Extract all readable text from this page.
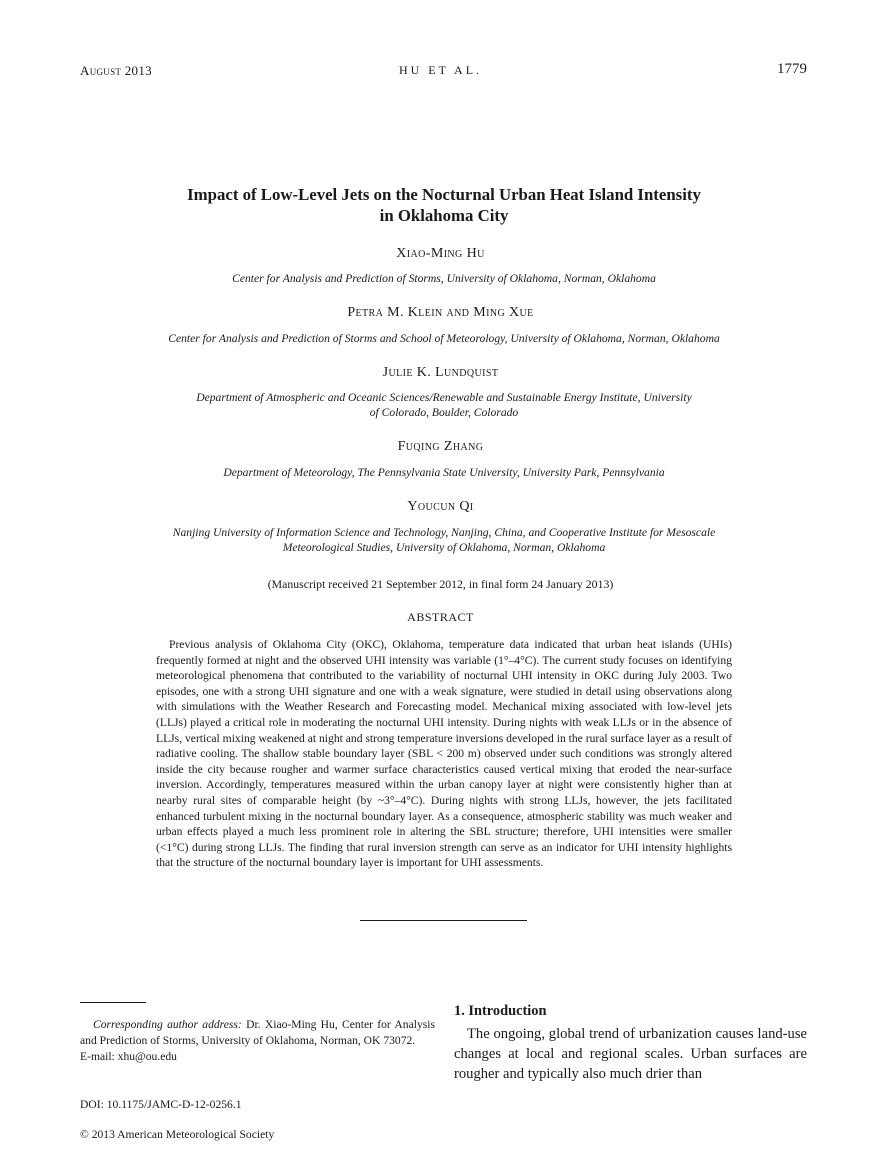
August 2013	HU ET AL.	1779
Impact of Low-Level Jets on the Nocturnal Urban Heat Island Intensity
in Oklahoma City
Xiao-Ming Hu
Center for Analysis and Prediction of Storms, University of Oklahoma, Norman, Oklahoma
Petra M. Klein and Ming Xue
Center for Analysis and Prediction of Storms and School of Meteorology, University of Oklahoma, Norman, Oklahoma
Julie K. Lundquist
Department of Atmospheric and Oceanic Sciences/Renewable and Sustainable Energy Institute, University
of Colorado, Boulder, Colorado
Fuqing Zhang
Department of Meteorology, The Pennsylvania State University, University Park, Pennsylvania
Youcun Qi
Nanjing University of Information Science and Technology, Nanjing, China, and Cooperative Institute for Mesoscale
Meteorological Studies, University of Oklahoma, Norman, Oklahoma
(Manuscript received 21 September 2012, in final form 24 January 2013)
ABSTRACT

Previous analysis of Oklahoma City (OKC), Oklahoma, temperature data indicated that urban heat islands (UHIs) frequently formed at night and the observed UHI intensity was variable (1°–4°C). The current study focuses on identifying meteorological phenomena that contributed to the variability of nocturnal UHI intensity in OKC during July 2003. Two episodes, one with a strong UHI signature and one with a weak signature, were studied in detail using observations along with simulations with the Weather Research and Forecasting model. Mechanical mixing associated with low-level jets (LLJs) played a critical role in moderating the nocturnal UHI intensity. During nights with weak LLJs or in the absence of LLJs, vertical mixing weakened at night and strong temperature inversions developed in the rural surface layer as a result of radiative cooling. The shallow stable boundary layer (SBL < 200 m) observed under such conditions was strongly altered inside the city because rougher and warmer surface characteristics caused vertical mixing that eroded the near-surface inversion. Accordingly, temperatures measured within the urban canopy layer at night were consistently higher than at nearby rural sites of comparable height (by ~3°–4°C). During nights with strong LLJs, however, the jets facilitated enhanced turbulent mixing in the nocturnal boundary layer. As a consequence, atmospheric stability was much weaker and urban effects played a much less prominent role in altering the SBL structure; therefore, UHI intensities were smaller (<1°C) during strong LLJs. The finding that rural inversion strength can serve as an indicator for UHI intensity highlights that the structure of the nocturnal boundary layer is important for UHI assessments.

Corresponding author address: Dr. Xiao-Ming Hu, Center for Analysis and Prediction of Storms, University of Oklahoma, Norman, OK 73072.
E-mail: xhu@ou.edu

DOI: 10.1175/JAMC-D-12-0256.1
© 2013 American Meteorological Society
1. Introduction

The ongoing, global trend of urbanization causes land-use changes at local and regional scales. Urban surfaces are rougher and typically also much drier than
